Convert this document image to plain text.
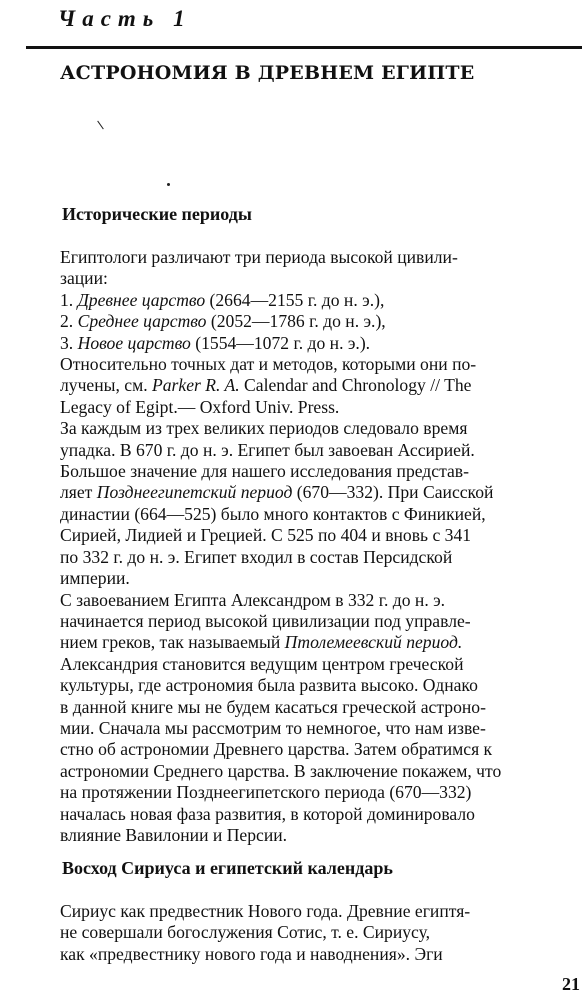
Часть 1
АСТРОНОМИЯ В ДРЕВНЕМ ЕГИПТЕ
Исторические периоды
Египтологи различают три периода высокой цивили-
зации:
1. Древнее царство (2664—2155 г. до н. э.),
2. Среднее царство (2052—1786 г. до н. э.),
3. Новое царство (1554—1072 г. до н. э.).
Относительно точных дат и методов, которыми они по-
лучены, см. Parker R. A. Calendar and Chronology // The
Legacy of Egipt.— Oxford Univ. Press.
За каждым из трех великих периодов следовало время
упадка. В 670 г. до н. э. Египет был завоеван Ассирией.
Большое значение для нашего исследования представ-
ляет Позднеегипетский период (670—332). При Саисской
династии (664—525) было много контактов с Финикией,
Сирией, Лидией и Грецией. С 525 по 404 и вновь с 341
по 332 г. до н. э. Египет входил в состав Персидской
империи.
С завоеванием Египта Александром в 332 г. до н. э.
начинается период высокой цивилизации под управле-
нием греков, так называемый Птолемеевский период.
Александрия становится ведущим центром греческой
культуры, где астрономия была развита высоко. Однако
в данной книге мы не будем касаться греческой астроно-
мии. Сначала мы рассмотрим то немногое, что нам изве-
стно об астрономии Древнего царства. Затем обратимся к
астрономии Среднего царства. В заключение покажем, что
на протяжении Позднеегипетского периода (670—332)
началась новая фаза развития, в которой доминировало
влияние Вавилонии и Персии.
Восход Сириуса и египетский календарь
Сириус как предвестник Нового года. Древние египтя-
не совершали богослужения Сотис, т. е. Сириусу,
как «предвестнику нового года и наводнения». Эги
21
